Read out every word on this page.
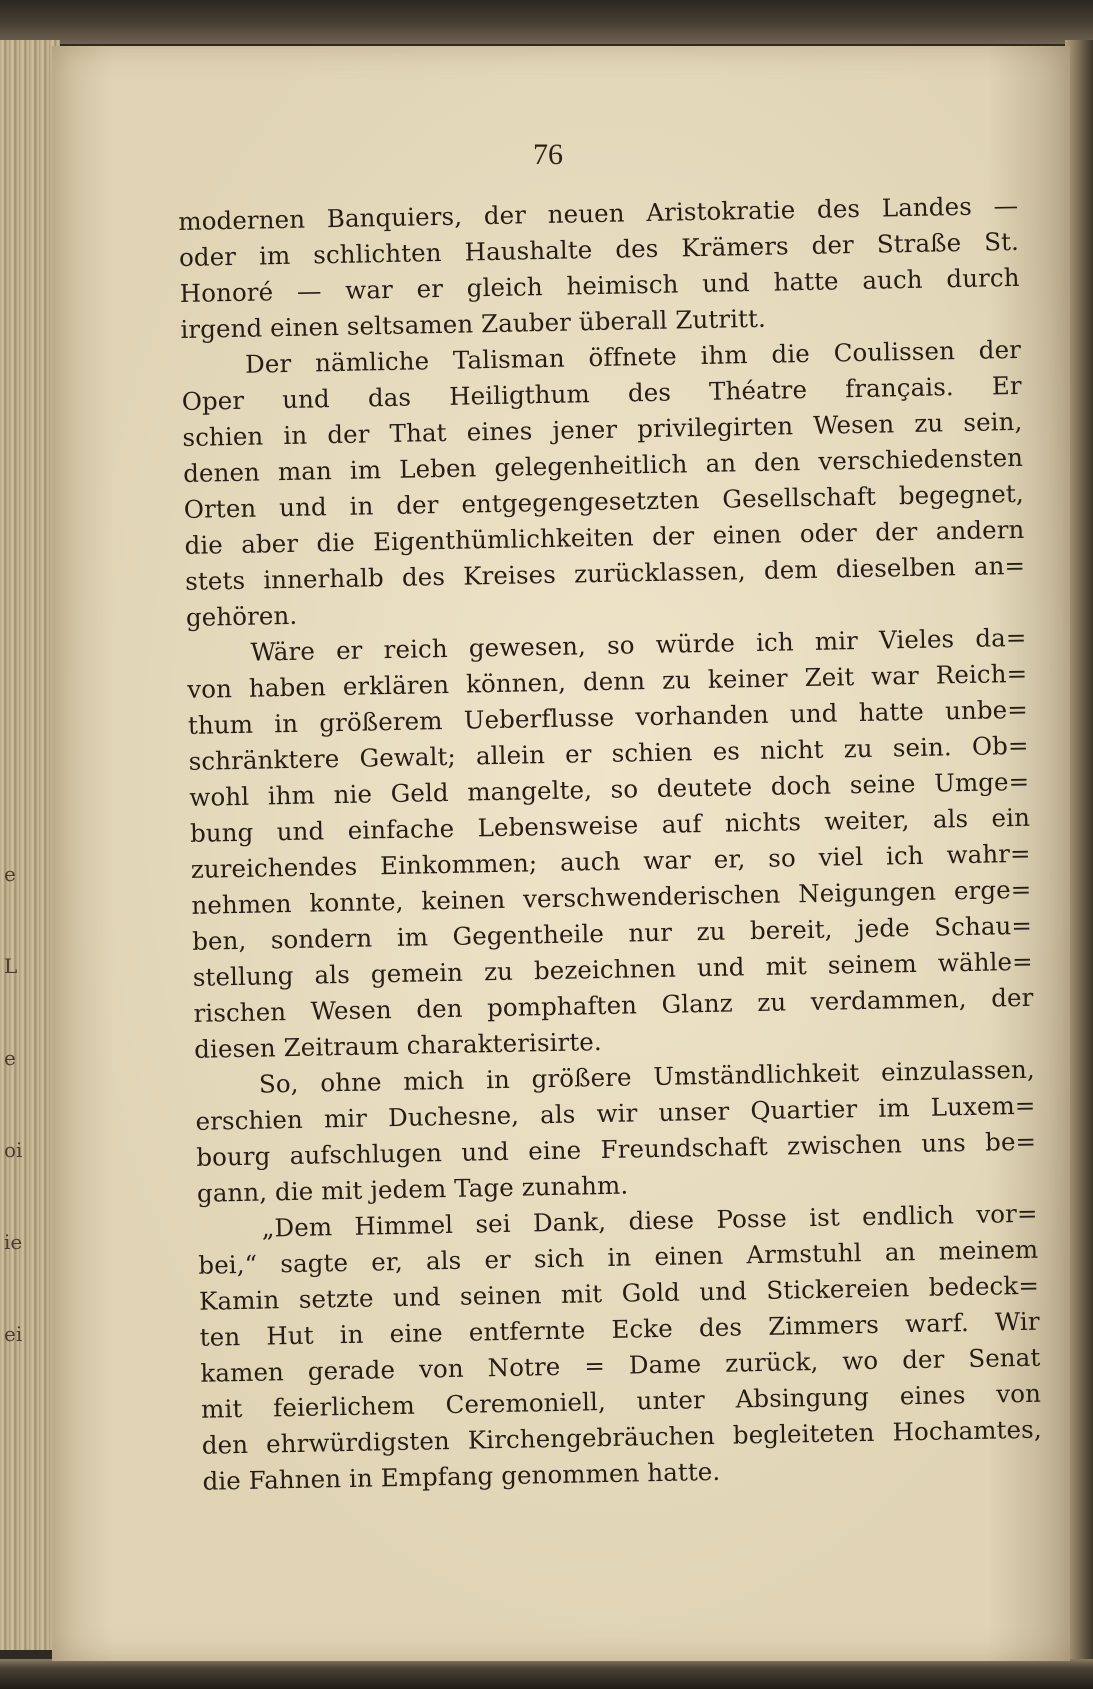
e
L
e
oi
ie
ei
76
modernen Banquiers, der neuen Aristokratie des Landes —
oder im schlichten Haushalte des Krämers der Straße St.
Honoré — war er gleich heimisch und hatte auch durch
irgend einen seltsamen Zauber überall Zutritt.
Der nämliche Talisman öffnete ihm die Coulissen der
Oper und das Heiligthum des Théatre français. Er
schien in der That eines jener privilegirten Wesen zu sein,
denen man im Leben gelegenheitlich an den verschiedensten
Orten und in der entgegengesetzten Gesellschaft begegnet,
die aber die Eigenthümlichkeiten der einen oder der andern
stets innerhalb des Kreises zurücklassen, dem dieselben an=
gehören.
Wäre er reich gewesen, so würde ich mir Vieles da=
von haben erklären können, denn zu keiner Zeit war Reich=
thum in größerem Ueberflusse vorhanden und hatte unbe=
schränktere Gewalt; allein er schien es nicht zu sein. Ob=
wohl ihm nie Geld mangelte, so deutete doch seine Umge=
bung und einfache Lebensweise auf nichts weiter, als ein
zureichendes Einkommen; auch war er, so viel ich wahr=
nehmen konnte, keinen verschwenderischen Neigungen erge=
ben, sondern im Gegentheile nur zu bereit, jede Schau=
stellung als gemein zu bezeichnen und mit seinem wähle=
rischen Wesen den pomphaften Glanz zu verdammen, der
diesen Zeitraum charakterisirte.
So, ohne mich in größere Umständlichkeit einzulassen,
erschien mir Duchesne, als wir unser Quartier im Luxem=
bourg aufschlugen und eine Freundschaft zwischen uns be=
gann, die mit jedem Tage zunahm.
„Dem Himmel sei Dank, diese Posse ist endlich vor=
bei,“ sagte er, als er sich in einen Armstuhl an meinem
Kamin setzte und seinen mit Gold und Stickereien bedeck=
ten Hut in eine entfernte Ecke des Zimmers warf. Wir
kamen gerade von Notre = Dame zurück, wo der Senat
mit feierlichem Ceremoniell, unter Absingung eines von
den ehrwürdigsten Kirchengebräuchen begleiteten Hochamtes,
die Fahnen in Empfang genommen hatte.
